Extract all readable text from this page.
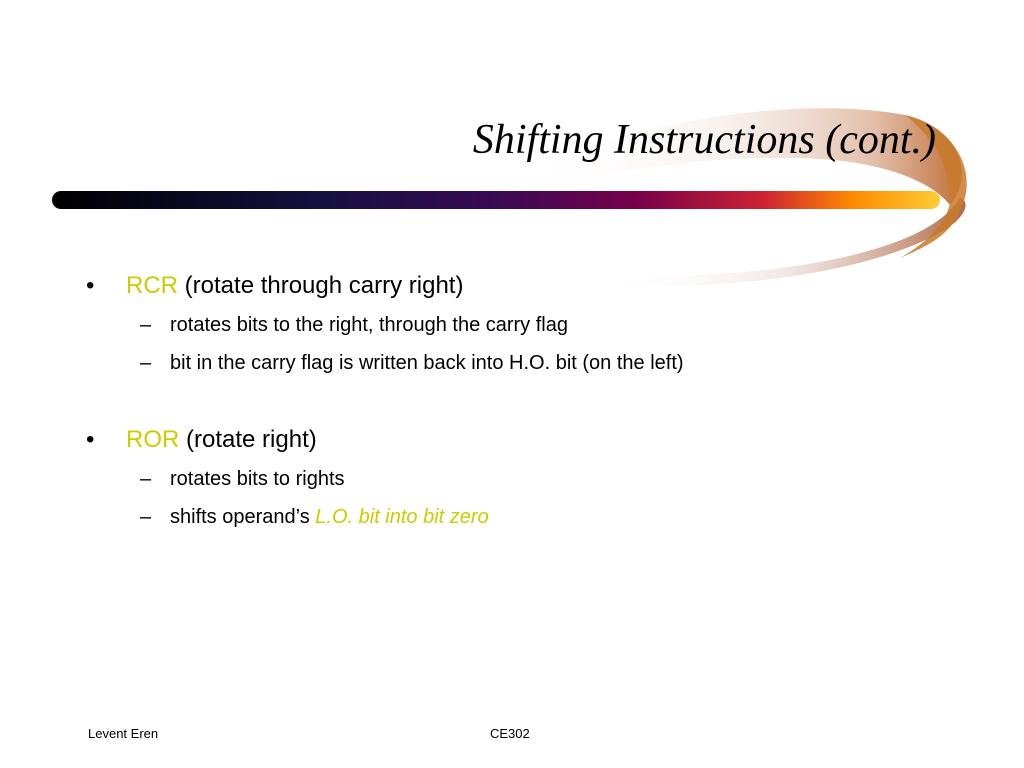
Shifting Instructions (cont.)
• RCR (rotate through carry right)
– rotates bits to the right, through the carry flag
– bit in the carry flag is written back into H.O. bit (on the left)
• ROR (rotate right)
– rotates bits to rights
– shifts operand’s L.O. bit into bit zero
Levent Eren	CE302
